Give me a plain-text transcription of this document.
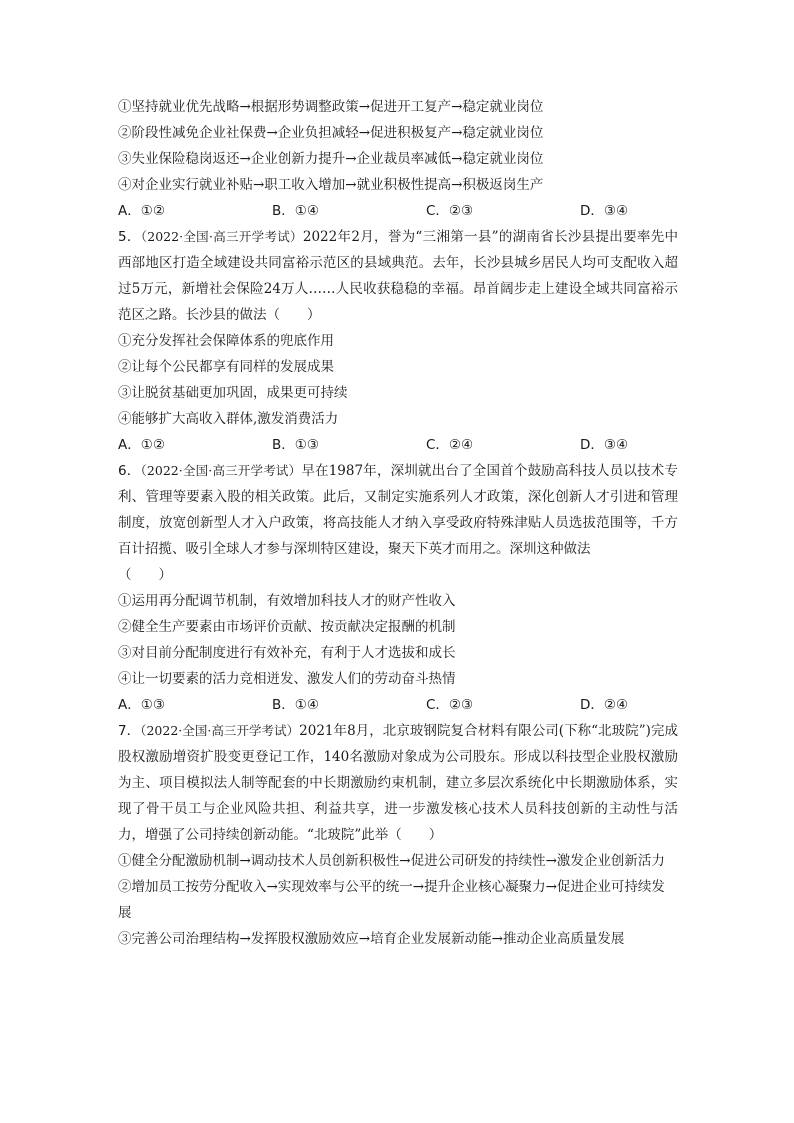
①坚持就业优先战略→根据形势调整政策→促进开工复产→稳定就业岗位
②阶段性减免企业社保费→企业负担减轻→促进积极复产→稳定就业岗位
③失业保险稳岗返还→企业创新力提升→企业裁员率减低→稳定就业岗位
④对企业实行就业补贴→职工收入增加→就业积极性提高→积极返岗生产
A．①②	B．①④	C．②③	D．③④
5．（2022·全国·高三开学考试）2022年2月，誉为“三湘第一县”的湖南省长沙县提出要率先中西部地区打造全域建设共同富裕示范区的县域典范。去年，长沙县城乡居民人均可支配收入超过5万元，新增社会保险24万人……人民收获稳稳的幸福。昂首阔步走上建设全域共同富裕示范区之路。长沙县的做法（　　）
①充分发挥社会保障体系的兜底作用
②让每个公民都享有同样的发展成果
③让脱贫基础更加巩固，成果更可持续
④能够扩大高收入群体,激发消费活力
A．①②	B．①③	C．②④	D．③④
6．（2022·全国·高三开学考试）早在1987年，深圳就出台了全国首个鼓励高科技人员以技术专利、管理等要素入股的相关政策。此后，又制定实施系列人才政策，深化创新人才引进和管理制度，放宽创新型人才入户政策，将高技能人才纳入享受政府特殊津贴人员选拔范围等，千方百计招揽、吸引全球人才参与深圳特区建设，聚天下英才而用之。深圳这种做法
（　　）
①运用再分配调节机制，有效增加科技人才的财产性收入
②健全生产要素由市场评价贡献、按贡献决定报酬的机制
③对目前分配制度进行有效补充，有利于人才选拔和成长
④让一切要素的活力竞相迸发、激发人们的劳动奋斗热情
A．①③	B．①④	C．②③	D．②④
7．（2022·全国·高三开学考试）2021年8月，北京玻钢院复合材料有限公司(下称“北玻院”)完成股权激励增资扩股变更登记工作，140名激励对象成为公司股东。形成以科技型企业股权激励为主、项目模拟法人制等配套的中长期激励约束机制，建立多层次系统化中长期激励体系，实现了骨干员工与企业风险共担、利益共享，进一步激发核心技术人员科技创新的主动性与活力，增强了公司持续创新动能。“北玻院”此举（　　）
①健全分配激励机制→调动技术人员创新积极性→促进公司研发的持续性→激发企业创新活力
②增加员工按劳分配收入→实现效率与公平的统一→提升企业核心凝聚力→促进企业可持续发展
③完善公司治理结构→发挥股权激励效应→培育企业发展新动能→推动企业高质量发展
